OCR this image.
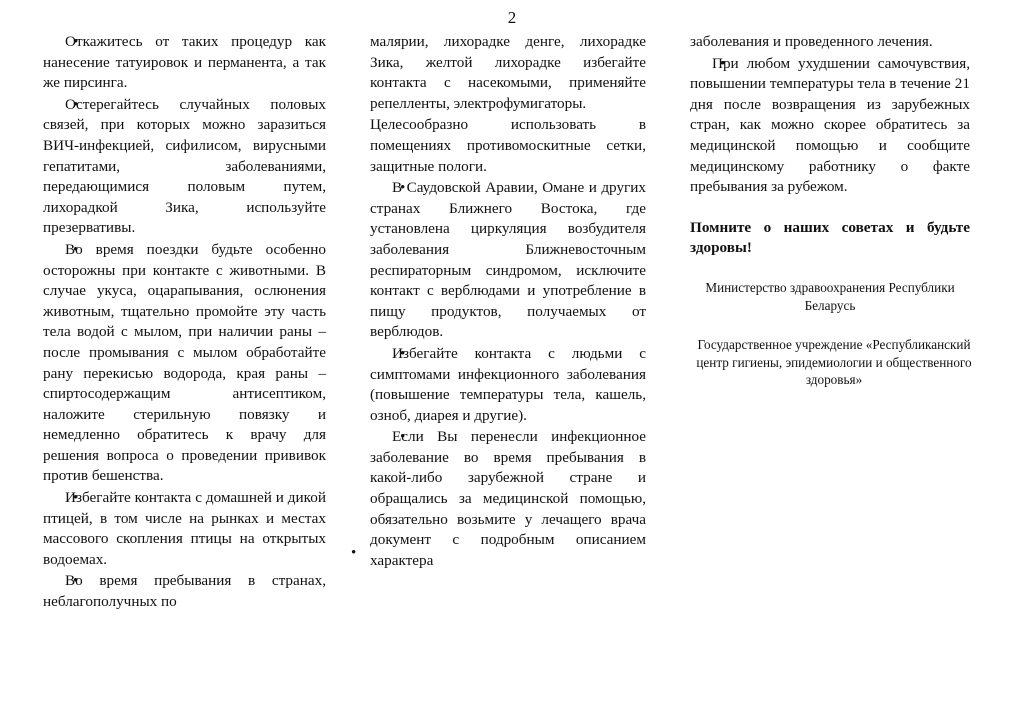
2

Откажитесь от таких процедур как нанесение татуировок и перманента, а так же пирсинга.

Остерегайтесь случайных половых связей, при которых можно заразиться ВИЧ-инфекцией, сифилисом, вирусными гепатитами, заболеваниями, передающимися половым путем, лихорадкой Зика, используйте презервативы.

Во время поездки будьте особенно осторожны при контакте с животными. В случае укуса, оцарапывания, ослюнения животным, тщательно промойте эту часть тела водой с мылом, при наличии раны – после промывания с мылом обработайте рану перекисью водорода, края раны – спиртосодержащим антисептиком, наложите стерильную повязку и немедленно обратитесь к врачу для решения вопроса о проведении прививок против бешенства.

Избегайте контакта с домашней и дикой птицей, в том числе на рынках и местах массового скопления птицы на открытых водоемах.

Во время пребывания в странах, неблагополучных по

малярии, лихорадке денге, лихорадке Зика, желтой лихорадке избегайте контакта с насекомыми, применяйте репелленты, электрофумигаторы.

Целесообразно использовать в помещениях противомоскитные сетки, защитные пологи.

В Саудовской Аравии, Омане и других странах Ближнего Востока, где установлена циркуляция возбудителя заболевания Ближневосточным респираторным синдромом, исключите контакт с верблюдами и употребление в пищу продуктов, получаемых от верблюдов.

Избегайте контакта с людьми с симптомами инфекционного заболевания (повышение температуры тела, кашель, озноб, диарея и другие).

Если Вы перенесли инфекционное заболевание во время пребывания в какой-либо зарубежной стране и обращались за медицинской помощью, обязательно возьмите у лечащего врача документ с подробным описанием характера

•

заболевания и проведенного лечения.

При любом ухудшении самочувствия, повышении температуры тела в течение 21 дня после возвращения из зарубежных стран, как можно скорее обратитесь за медицинской помощью и сообщите медицинскому работнику о факте пребывания за рубежом.

Помните о наших советах и будьте здоровы!

Министерство здравоохранения Республики Беларусь

Государственное учреждение «Республиканский центр гигиены, эпидемиологии и общественного здоровья»
